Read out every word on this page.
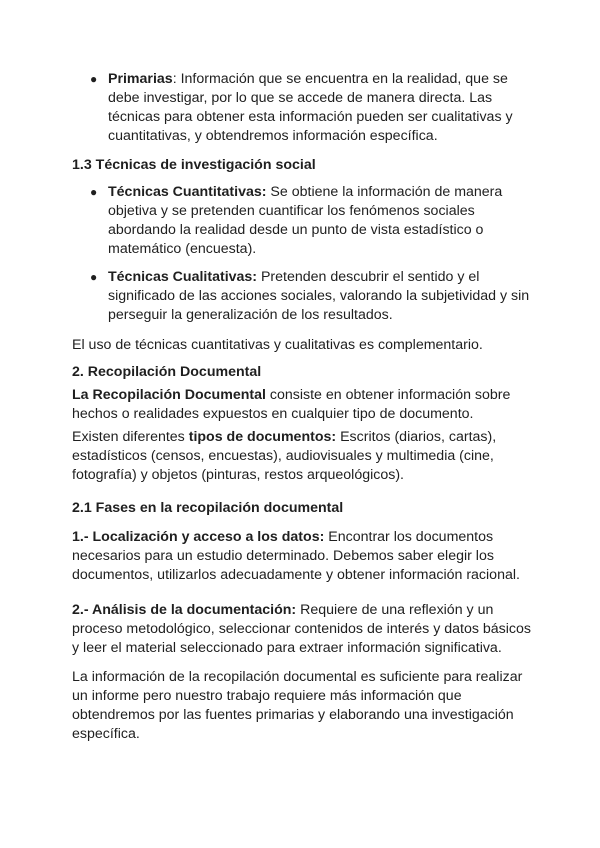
● Primarias: Información que se encuentra en la realidad, que se debe investigar, por lo que se accede de manera directa. Las técnicas para obtener esta información pueden ser cualitativas y cuantitativas, y obtendremos información específica.

1.3 Técnicas de investigación social

● Técnicas Cuantitativas: Se obtiene la información de manera objetiva y se pretenden cuantificar los fenómenos sociales abordando la realidad desde un punto de vista estadístico o matemático (encuesta).
● Técnicas Cualitativas: Pretenden descubrir el sentido y el significado de las acciones sociales, valorando la subjetividad y sin perseguir la generalización de los resultados.

El uso de técnicas cuantitativas y cualitativas es complementario.

2. Recopilación Documental

La Recopilación Documental consiste en obtener información sobre hechos o realidades expuestos en cualquier tipo de documento.

Existen diferentes tipos de documentos: Escritos (diarios, cartas), estadísticos (censos, encuestas), audiovisuales y multimedia (cine, fotografía) y objetos (pinturas, restos arqueológicos).

2.1 Fases en la recopilación documental

1.- Localización y acceso a los datos: Encontrar los documentos necesarios para un estudio determinado. Debemos saber elegir los documentos, utilizarlos adecuadamente y obtener información racional.

2.- Análisis de la documentación: Requiere de una reflexión y un proceso metodológico, seleccionar contenidos de interés y datos básicos y leer el material seleccionado para extraer información significativa.

La información de la recopilación documental es suficiente para realizar un informe pero nuestro trabajo requiere más información que obtendremos por las fuentes primarias y elaborando una investigación específica.
